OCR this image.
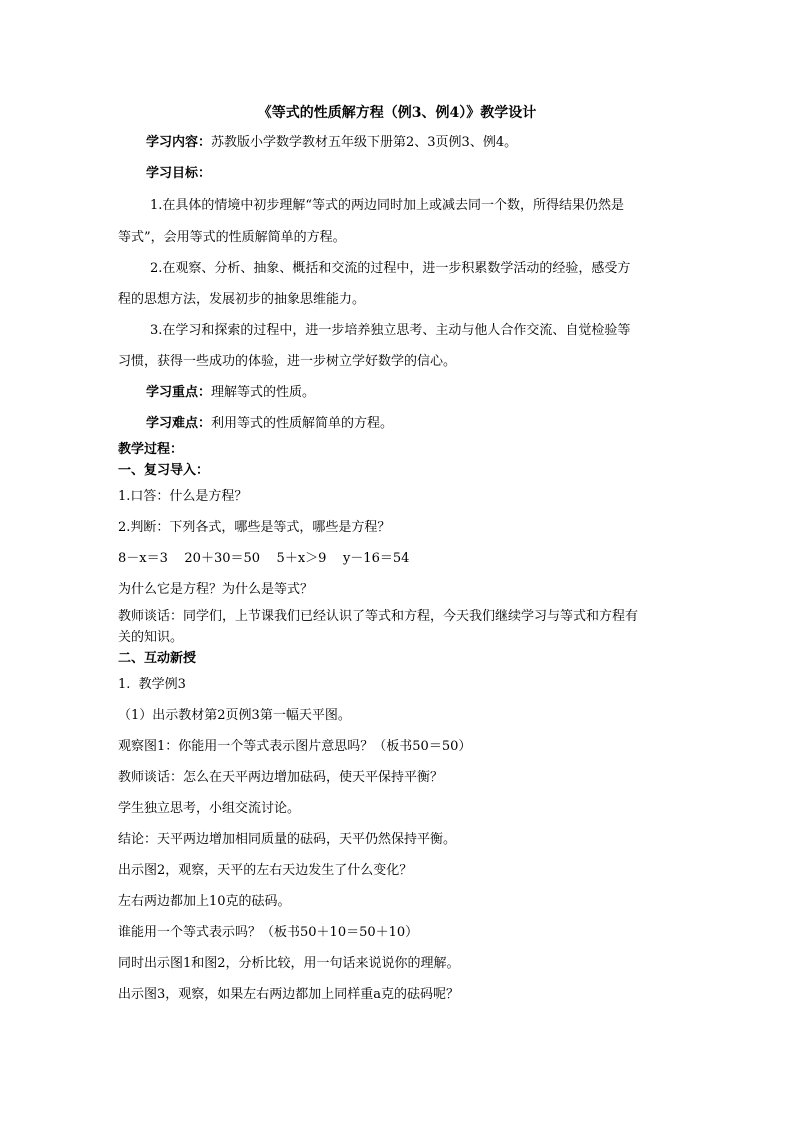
《等式的性质解方程（例3、例4）》教学设计
学习内容：苏教版小学数学教材五年级下册第2、3页例3、例4。
学习目标：
1.在具体的情境中初步理解“等式的两边同时加上或减去同一个数，所得结果仍然是
等式”，会用等式的性质解简单的方程。
2.在观察、分析、抽象、概括和交流的过程中，进一步积累数学活动的经验，感受方
程的思想方法，发展初步的抽象思维能力。
3.在学习和探索的过程中，进一步培养独立思考、主动与他人合作交流、自觉检验等
习惯，获得一些成功的体验，进一步树立学好数学的信心。
学习重点：理解等式的性质。
学习难点：利用等式的性质解简单的方程。
教学过程：
一、复习导入：
1.口答：什么是方程？
2.判断：下列各式，哪些是等式，哪些是方程？
8－x＝3    20＋30＝50    5＋x＞9    y－16＝54
为什么它是方程？为什么是等式？
教师谈话：同学们，上节课我们已经认识了等式和方程，今天我们继续学习与等式和方程有
关的知识。
二、互动新授
1.  教学例3
（1）出示教材第2页例3第一幅天平图。
观察图1：你能用一个等式表示图片意思吗？（板书50＝50）
教师谈话：怎么在天平两边增加砝码，使天平保持平衡？
学生独立思考，小组交流讨论。
结论：天平两边增加相同质量的砝码，天平仍然保持平衡。
出示图2，观察，天平的左右天边发生了什么变化？
左右两边都加上10克的砝码。
谁能用一个等式表示吗？（板书50＋10＝50＋10）
同时出示图1和图2，分析比较，用一句话来说说你的理解。
出示图3，观察，如果左右两边都加上同样重a克的砝码呢？
